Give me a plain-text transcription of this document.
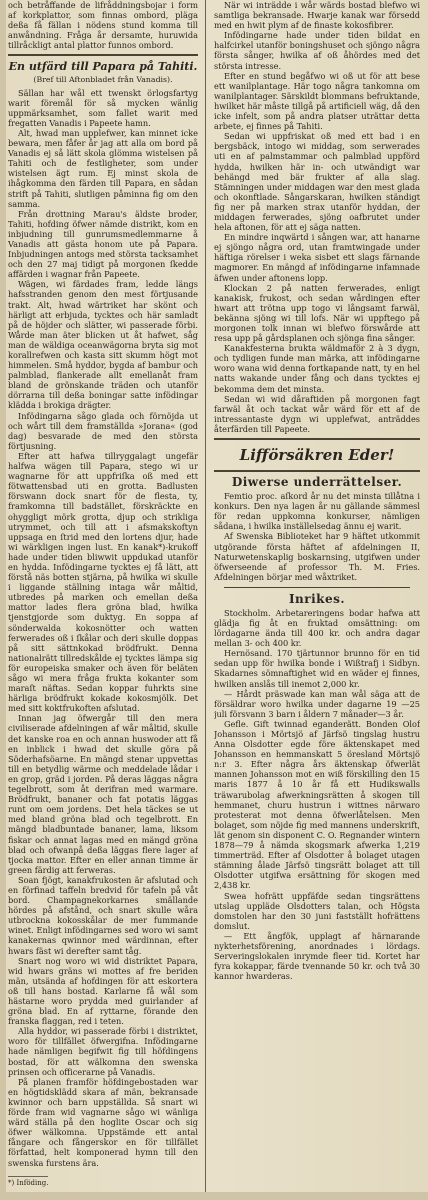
och betråffande de lifråddningsbojar i form af korkplattor, som finnas ombord, pläga deßa få fällan i nödens stund komma till anwåndning. Fråga år dersamte, huruwida tillråckligt antal plattor funnos ombord.

En utfärd till Papara på Tahiti.
(Bref till Aftonbladet från Vanadis).

Sällan har wål ett twenskt örlogsfartyg warit föremål för så mycken wänlig uppmärksamhet, som fallet warit med fregatten Vanadis i Papeete hamn.

Alt, hwad man upplefwer, kan minnet icke bewara, men fåfer år jag att alla om bord på Vanadis ej så lätt skola glömma wistelsen på Tahiti och de festligheter, som under wistelsen ägt rum. Ej minst skola de ihågkomma den färden till Papara, en sådan strift på Tahiti, slutligen påminna fig om den samma.

Från drottning Marau's äldste broder, Tahiti, hofding öfwer nämde distrikt, kom en inbjudning till gunrumsmedlemmarne å Vanadis att gästa honom ute på Papara. Inbjudningen antogs med största tacksamhet och den 27 maj tidigt på morgonen ſkedde affärden i wagnar från Papeete.

Wägen, wi färdades fram, ledde längs hafsstranden genom den mest förtjusande trakt. Alt, hwad wärtriket har skönt och härligt att erbjuda, tycktes och här samladt på de höjder och slätter, wi passerade förbi. Wårde man äter blicken ut åt hafwet, såg man de wäldiga oceanwägorna bryta sig mot korallrefwen och kasta sitt skumm högt mot himmelen. Små hyddor, bygda af bambur och palmblad, flankerade allt emellanåt fram bland de grönskande träden och utanför dörrarna till deßa boningar satte infödingar klädda i brokiga drägter.

Infödingarna sågo glada och förnöjda ut och wårt till dem framställda »Jorana« (god dag) besvarade de med den största förtjusning.

Efter att hafwa tillryggalagt ungefär halfwa wägen till Papara, stego wi ur wagnarne för att uppfriſka oß med ett fötwattensbad uti en grotta. Badlusten förswann dock snart för de flesta, ty, framkomna till badstället, förskräckte en ohyggligt mörk grotta, djup och strikliga utrymmet, och till att i afsmakskoftyn uppsaga en ſtrid med den lortens djur, hade wi wärkligen ingen lust. En kanak*)-krukoff hade under tiden bliwwit uppdukad utanför en hydda. Infödingarne tycktes ej få lätt, att förstå näs botten stjärna, på hwilka wi skulle i liggande ställning intaga wår måltid, utbredes på marken och emellan deßa mattor lades flera gröna blad, hwilka tjenstgjorde som duktyg. En soppa af sönderwalda kokosnötter och watten ferwerades oß i ſkålar och deri skulle doppas på sitt sättnkokad brödfrukt. Denna nationalrätt tillredskålde ej tycktes lämpa sig för europeiska smaker och även för beläten sågo wi mera fråga frukta kokanter som maraſt näftas. Sedan koppar fuhrkts sine härliga brödfrukt kokade kokosmjölk. Det med sitt koktfrukoften afslutad.

Innan jag öfwergår till den mera civiliserade afdelningen af wår måltid, skulle det kanske roa en och annan huswoder att få en inblick i hwad det skulle göra på Söderhafsöarne. En mängd stenar uppvettas till en betydlig wärme och meddelade lådar i en grop, gräd i jorden. På deras läggas några tegelbrott, som åt derifran med warmare. Brödfrukt, bananer och fat potatis läggas runt om oem jordens. Det hela täckes se ut med bland gröna blad och tegelbrott. En mängd bladbuntade bananer, lama, liksom fiskar och annat lagas med en mängd gröna blad och ofwanpå deßa läggas flere lager af tjocka mattor. Efter en eller annan timme är green färdig att ferweras.

Soan fjögt, kanakfrukosten är afslutad och en förfinad taffeln bredvid för tafeln på våt bord. Champagnekorkarnes smällande hördes på afstånd, och snart skulle wåra utbrockna kokosskålar de mer fummande winet. Enligt infödingarnes sed woro wi samt kanakernas qwinnor med wärdinnan, efter hwars fäst wi derefter samt tåg.

Snart nog woro wi wid distriktet Papara, wid hwars gräns wi mottes af fre beriden män, utsända af hofdingen för att eskortera oß till hans bostad. Karlarne få wål som hästarne woro prydda med guirlander af gröna blad. En af ryttarne, förande den franska flaggan, red i teten.

Alla hyddor, wi passerade förbi i distriktet, woro för tillfället öfwergifna. Infödingarne hade nämligen begifwit fig till höfdingens bostad, för att wälkomna den swenska prinsen och officerarne på Vanadis.

På planen framför höfdingebostaden war en högtidsklädd skara af män, bekransade kwinnor och barn uppställda. Så snart wi förde fram wid vagnarne sågo wi wänliga wärd ställa på den hoglite Oscar och sig öfwer wälkomna. Uppstämde ett antal fångare och fångerskor en för tillfället författad, helt komponerad hymn till den swenska furstens ära.

*) Inföding.

När wi inträdde i wår wärds bostad blefwo wi samtliga bekransade. Hwarje kanak war försedd med en hwit plym af de finaste kokosfibrer.

Infödingarne hade under tiden bildat en halfcirkel utanför boningshuset och sjöngo några första sånger, hwilka af oß åhördes med det största intresse.

Efter en stund begåfwo wi oß ut för att bese ett wanilplantage. Här togo några tankomna om wanilplantager. Särskildt blommans befruktande, hwilket här måste tillgå på artificiell wäg, då den icke infelt, som på andra platser uträttar detta arbete, ej finnes på Tahiti.

Sedan wi uppfriskat oß med ett bad i en bergsbäck, intogo wi middag, som serwerades uti en af palmstammar och palmblad uppförd hydda, hwilken här in- och utwändigt war behängd med bär frukter af alla slag. Stämningen under middagen war den mest glada och okonftlade. Sångarskaran, hwilken ständigt fig ner på marken strax utanför hyddan, der middagen ferwerades, sjöng oafbrutet under hela aftonen, för att ej säga natten.

En mindre inqwärtd i sången war, att hanarne ej sjöngo några ord, utan framtwingade under häftiga rörelser i weka sisbet ett slags färnande magmorer. En mängd af infödingarne infamnade äfwen under aftonens lopp.

Klockan 2 på natten ferwerades, enligt kanakisk, frukost, och sedan wårdingen efter hwart att trötna upp togo vi långsamt farwäl, bekänna sjöng wi till lofs. När wi uppftego på morgonen tolk innan wi blefwo förswårde att resa upp på gårdsplanen och sjönga fina sånger.

Kanakfesterna brukta wäldmaför 2 à 3 dygn, och tydligen funde man märka, att infödingarne woro wana wid denna fortkapande natt, ty en hel natts wakande under fång och dans tycktes ej bekomma dem det minsta.

Sedan wi wid dåraftiden på morgonen fagt farwäl åt och tackat wår wärd för ett af de intressantaste dygn wi upplefwat, anträddes återfärden till Papeete.

Lifförsäkren Eder!
Diwerse underrättelser.

Femtio proc. aſkord år nu det minsta tillåtna i konkurs. Den nya lagen år nu gällande sämmesl för redan uppkomna konkurser, nämligen sådana, i hwilka inställelsedag ännu ej warit.

Af Swenska Biblioteket har 9 häftet utkommit utgörande första häftet af afdelningen II, Naturwetenskaplig boskarnsing, utgifwen under öfwerseende af professor Th. M. Fries. Afdelningen börjar med wåxtriket.

Inrikes.

Stockholm. Arbetareringens bodar hafwa att glädja fig åt en fruktad omsättning: om lördagarne ända till 400 kr. och andra dagar mellan 3- och 400 kr.

Hernösand. 170 tjärtunnor brunno för en tid sedan upp för hwilka bonde i Wißtrafj i Sidbyn. Skadarnes sömnaftighet wid en wäder ej finnes, hwilken anslås till inemot 2,000 kr.

— Hårdt präswade kan man wål säga att de försäldrar woro hwilka under dagarne 19 —25 juli försvann 3 barn i åldern 7 månader—3 år.

Gefle. Gift twinnad eganderätt. Bonden Olof Johansson i Mörtsjö af Järfsö tingslag hustru Anna Olsdotter egde före äktenskapet med Johansson en hemmanskatt 5 öresland Mörtsjö n:r 3. Efter några års äktenskap öfwerlät mannen Johansson mot en wiß förskilling den 15 maris 1877 å 10 år få ett Hudikswalls träwarubolag afwerkningsrätten å skogen till hemmanet, churu hustrun i wittnes närwaro protesterat mot denna öfwerlåtelsen. Men bolaget, som nöjde fig med mannens underskrift, lät genom sin disponent C. O. Regnander wintern 1878—79 å nämda skogsmark afwerka 1,219 timmerträd. Efter af Olsdotter å bolaget utagen stämning ålade Järfsö tingsrätt bolaget att till Olsdotter utgifwa ersättning för skogen med 2,438 kr.

Swea hofrätt uppfäfde sedan tingsrättens utslag uppläde Olsdotters talan, och Högsta domstolen har den 30 juni fastställt hofrättens domslut.

— Ett ångfök, upplagt af härnarande nykterhetsförening, anordnades i lördags. Serveringslokalen inrymde fleer tid. Kortet har fyra kokappar, färde tvennande 50 kr. och två 30 kannor hwarderas.
